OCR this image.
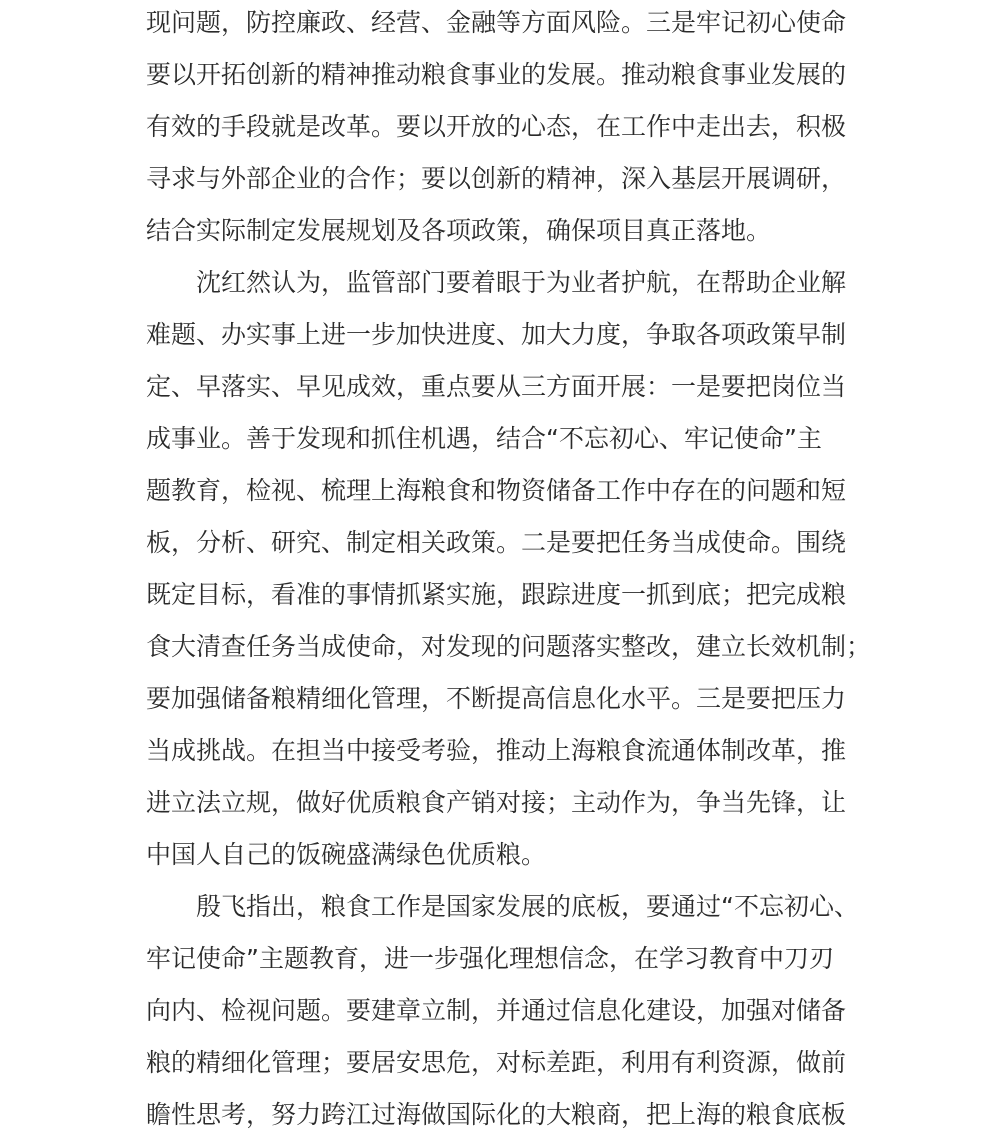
现问题，防控廉政、经营、金融等方面风险。三是牢记初心使命
要以开拓创新的精神推动粮食事业的发展。推动粮食事业发展的
有效的手段就是改革。要以开放的心态，在工作中走出去，积极
寻求与外部企业的合作；要以创新的精神，深入基层开展调研，
结合实际制定发展规划及各项政策，确保项目真正落地。
沈红然认为，监管部门要着眼于为业者护航，在帮助企业解
难题、办实事上进一步加快进度、加大力度，争取各项政策早制
定、早落实、早见成效，重点要从三方面开展：一是要把岗位当
成事业。善于发现和抓住机遇，结合“不忘初心、牢记使命”主
题教育，检视、梳理上海粮食和物资储备工作中存在的问题和短
板，分析、研究、制定相关政策。二是要把任务当成使命。围绕
既定目标，看准的事情抓紧实施，跟踪进度一抓到底；把完成粮
食大清查任务当成使命，对发现的问题落实整改，建立长效机制；
要加强储备粮精细化管理，不断提高信息化水平。三是要把压力
当成挑战。在担当中接受考验，推动上海粮食流通体制改革，推
进立法立规，做好优质粮食产销对接；主动作为，争当先锋，让
中国人自己的饭碗盛满绿色优质粮。
殷飞指出，粮食工作是国家发展的底板，要通过“不忘初心、
牢记使命”主题教育，进一步强化理想信念，在学习教育中刀刃
向内、检视问题。要建章立制，并通过信息化建设，加强对储备
粮的精细化管理；要居安思危，对标差距，利用有利资源，做前
瞻性思考，努力跨江过海做国际化的大粮商，把上海的粮食底板
